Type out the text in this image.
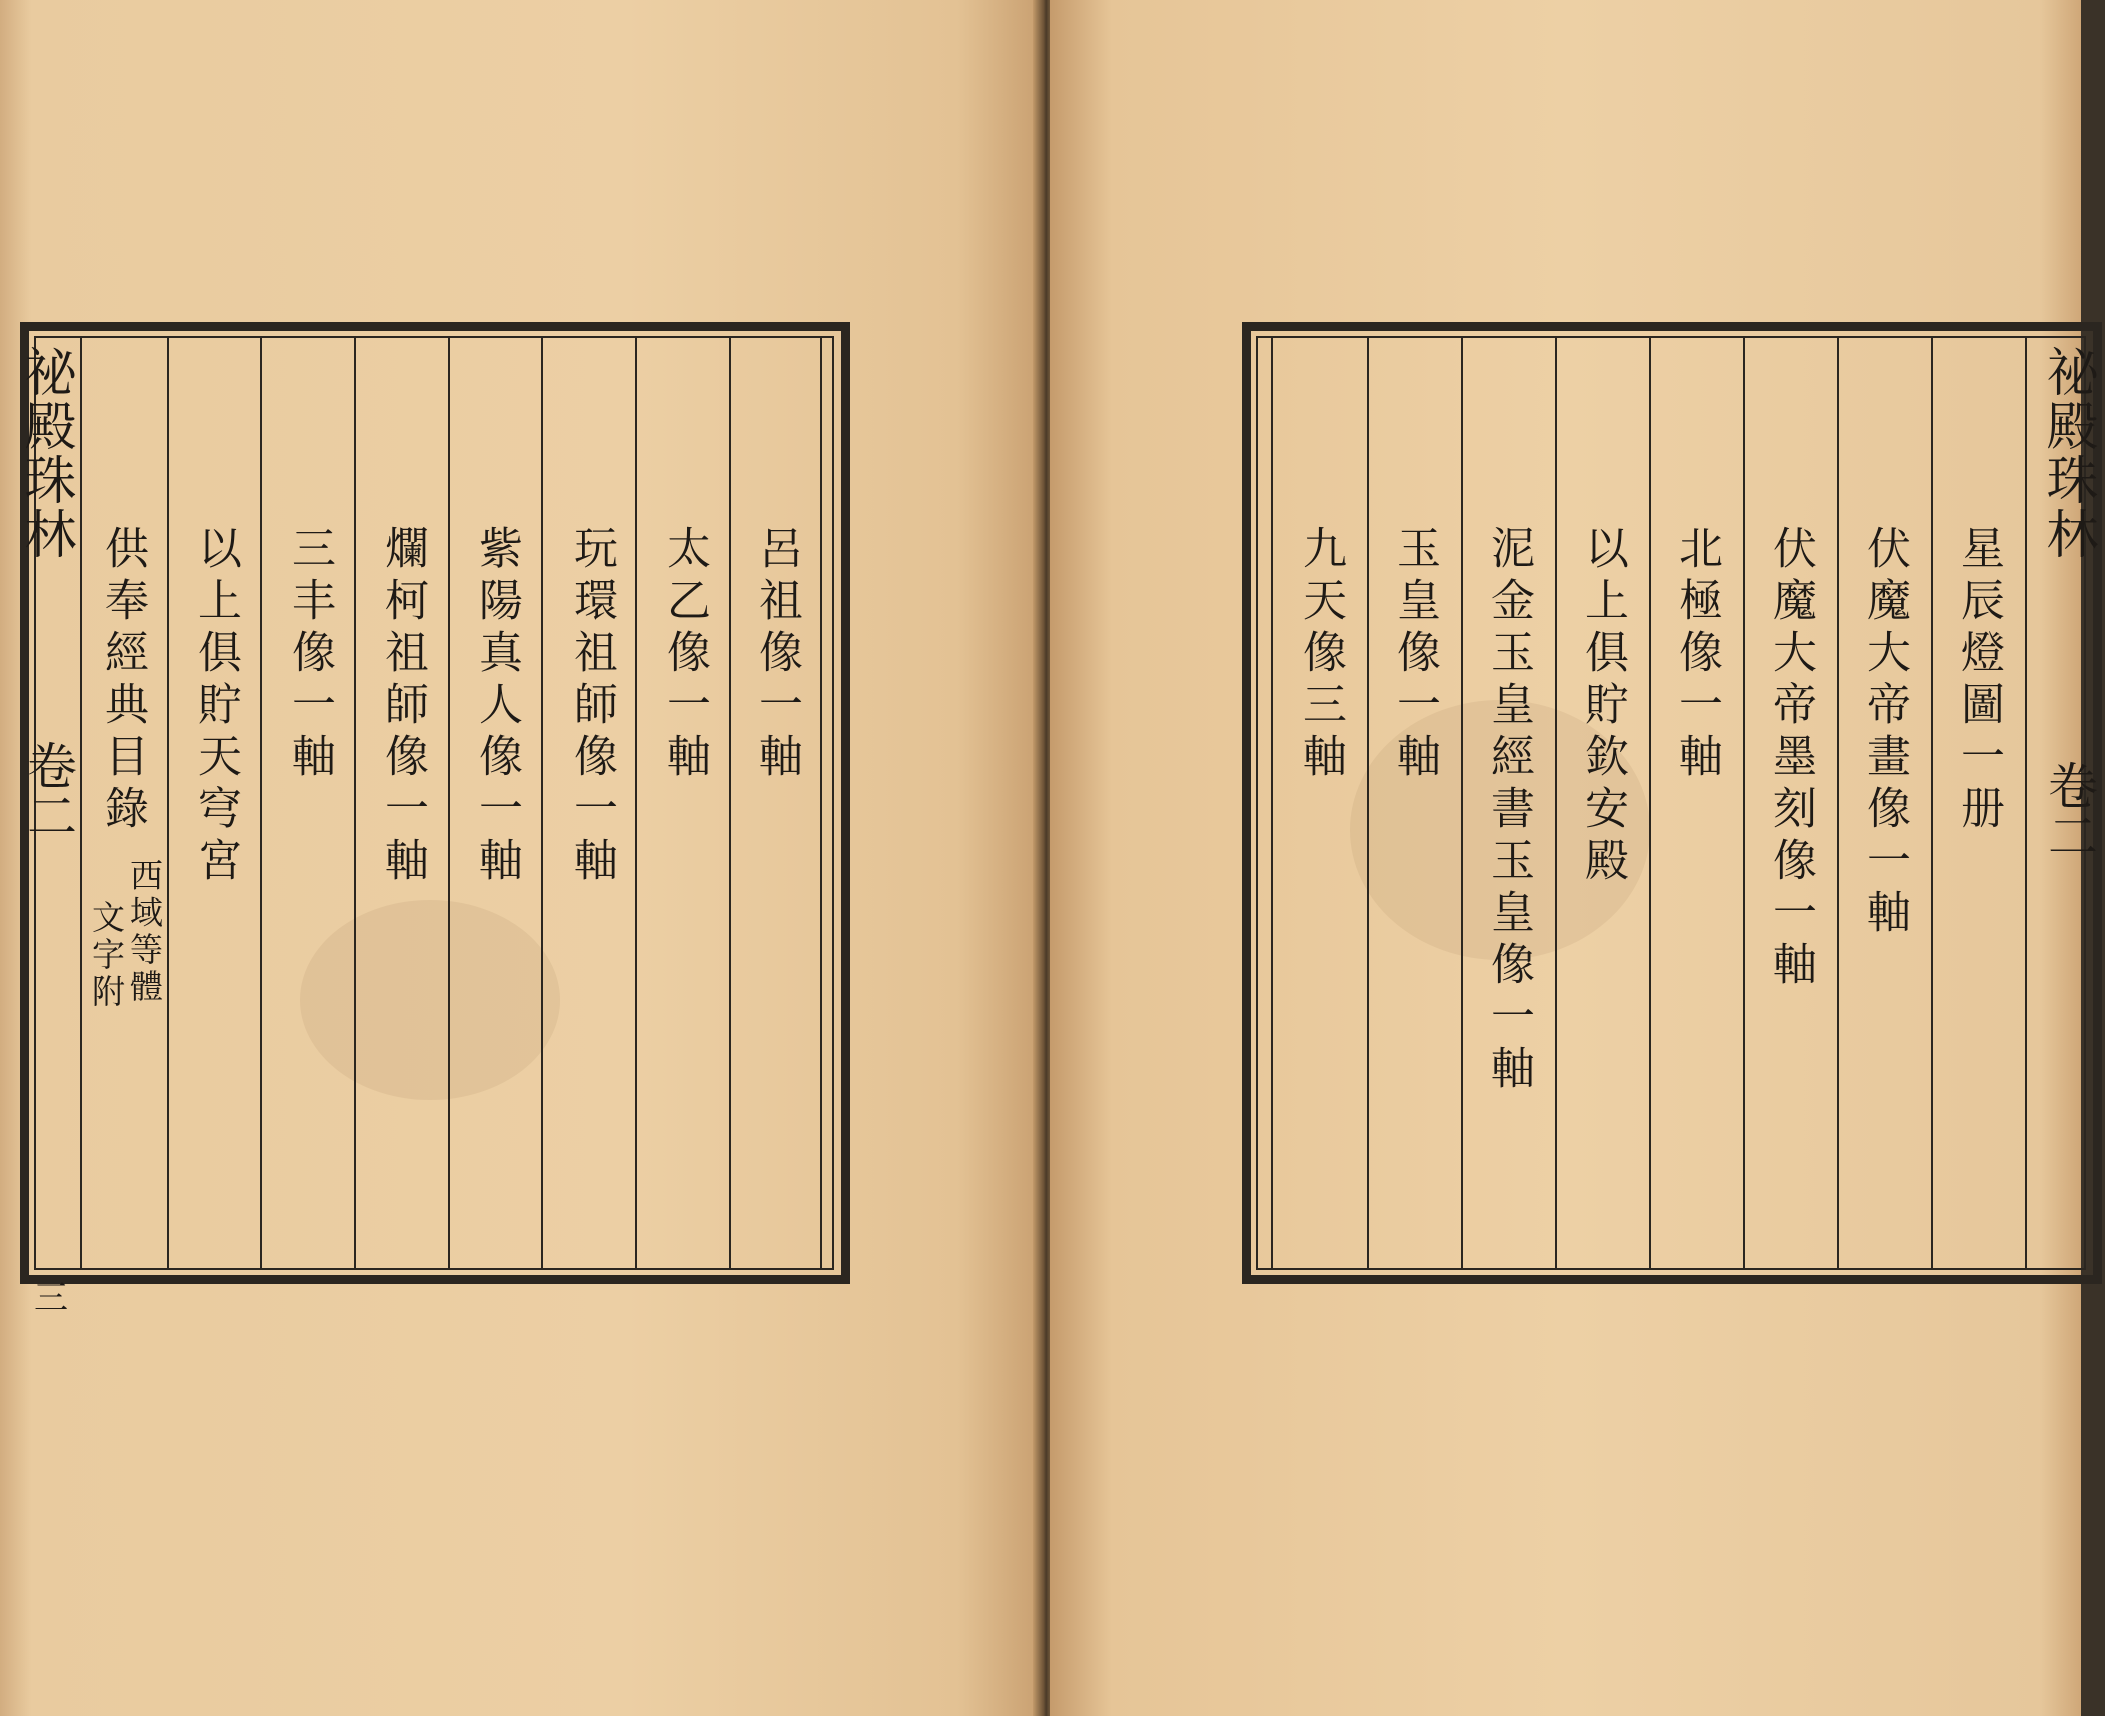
祕殿珠林
卷二
三
呂祖像一軸
太乙像一軸
玩環祖師像一軸
紫陽真人像一軸
爛柯祖師像一軸
三丰像一軸
以上俱貯天穹宮
供奉經典目錄
西域等體
文字附
星辰燈圖一册
伏魔大帝畫像一軸
伏魔大帝墨刻像一軸
北極像一軸
以上俱貯欽安殿
泥金玉皇經書玉皇像一軸
玉皇像一軸
九天像三軸
祕殿珠林
卷二
